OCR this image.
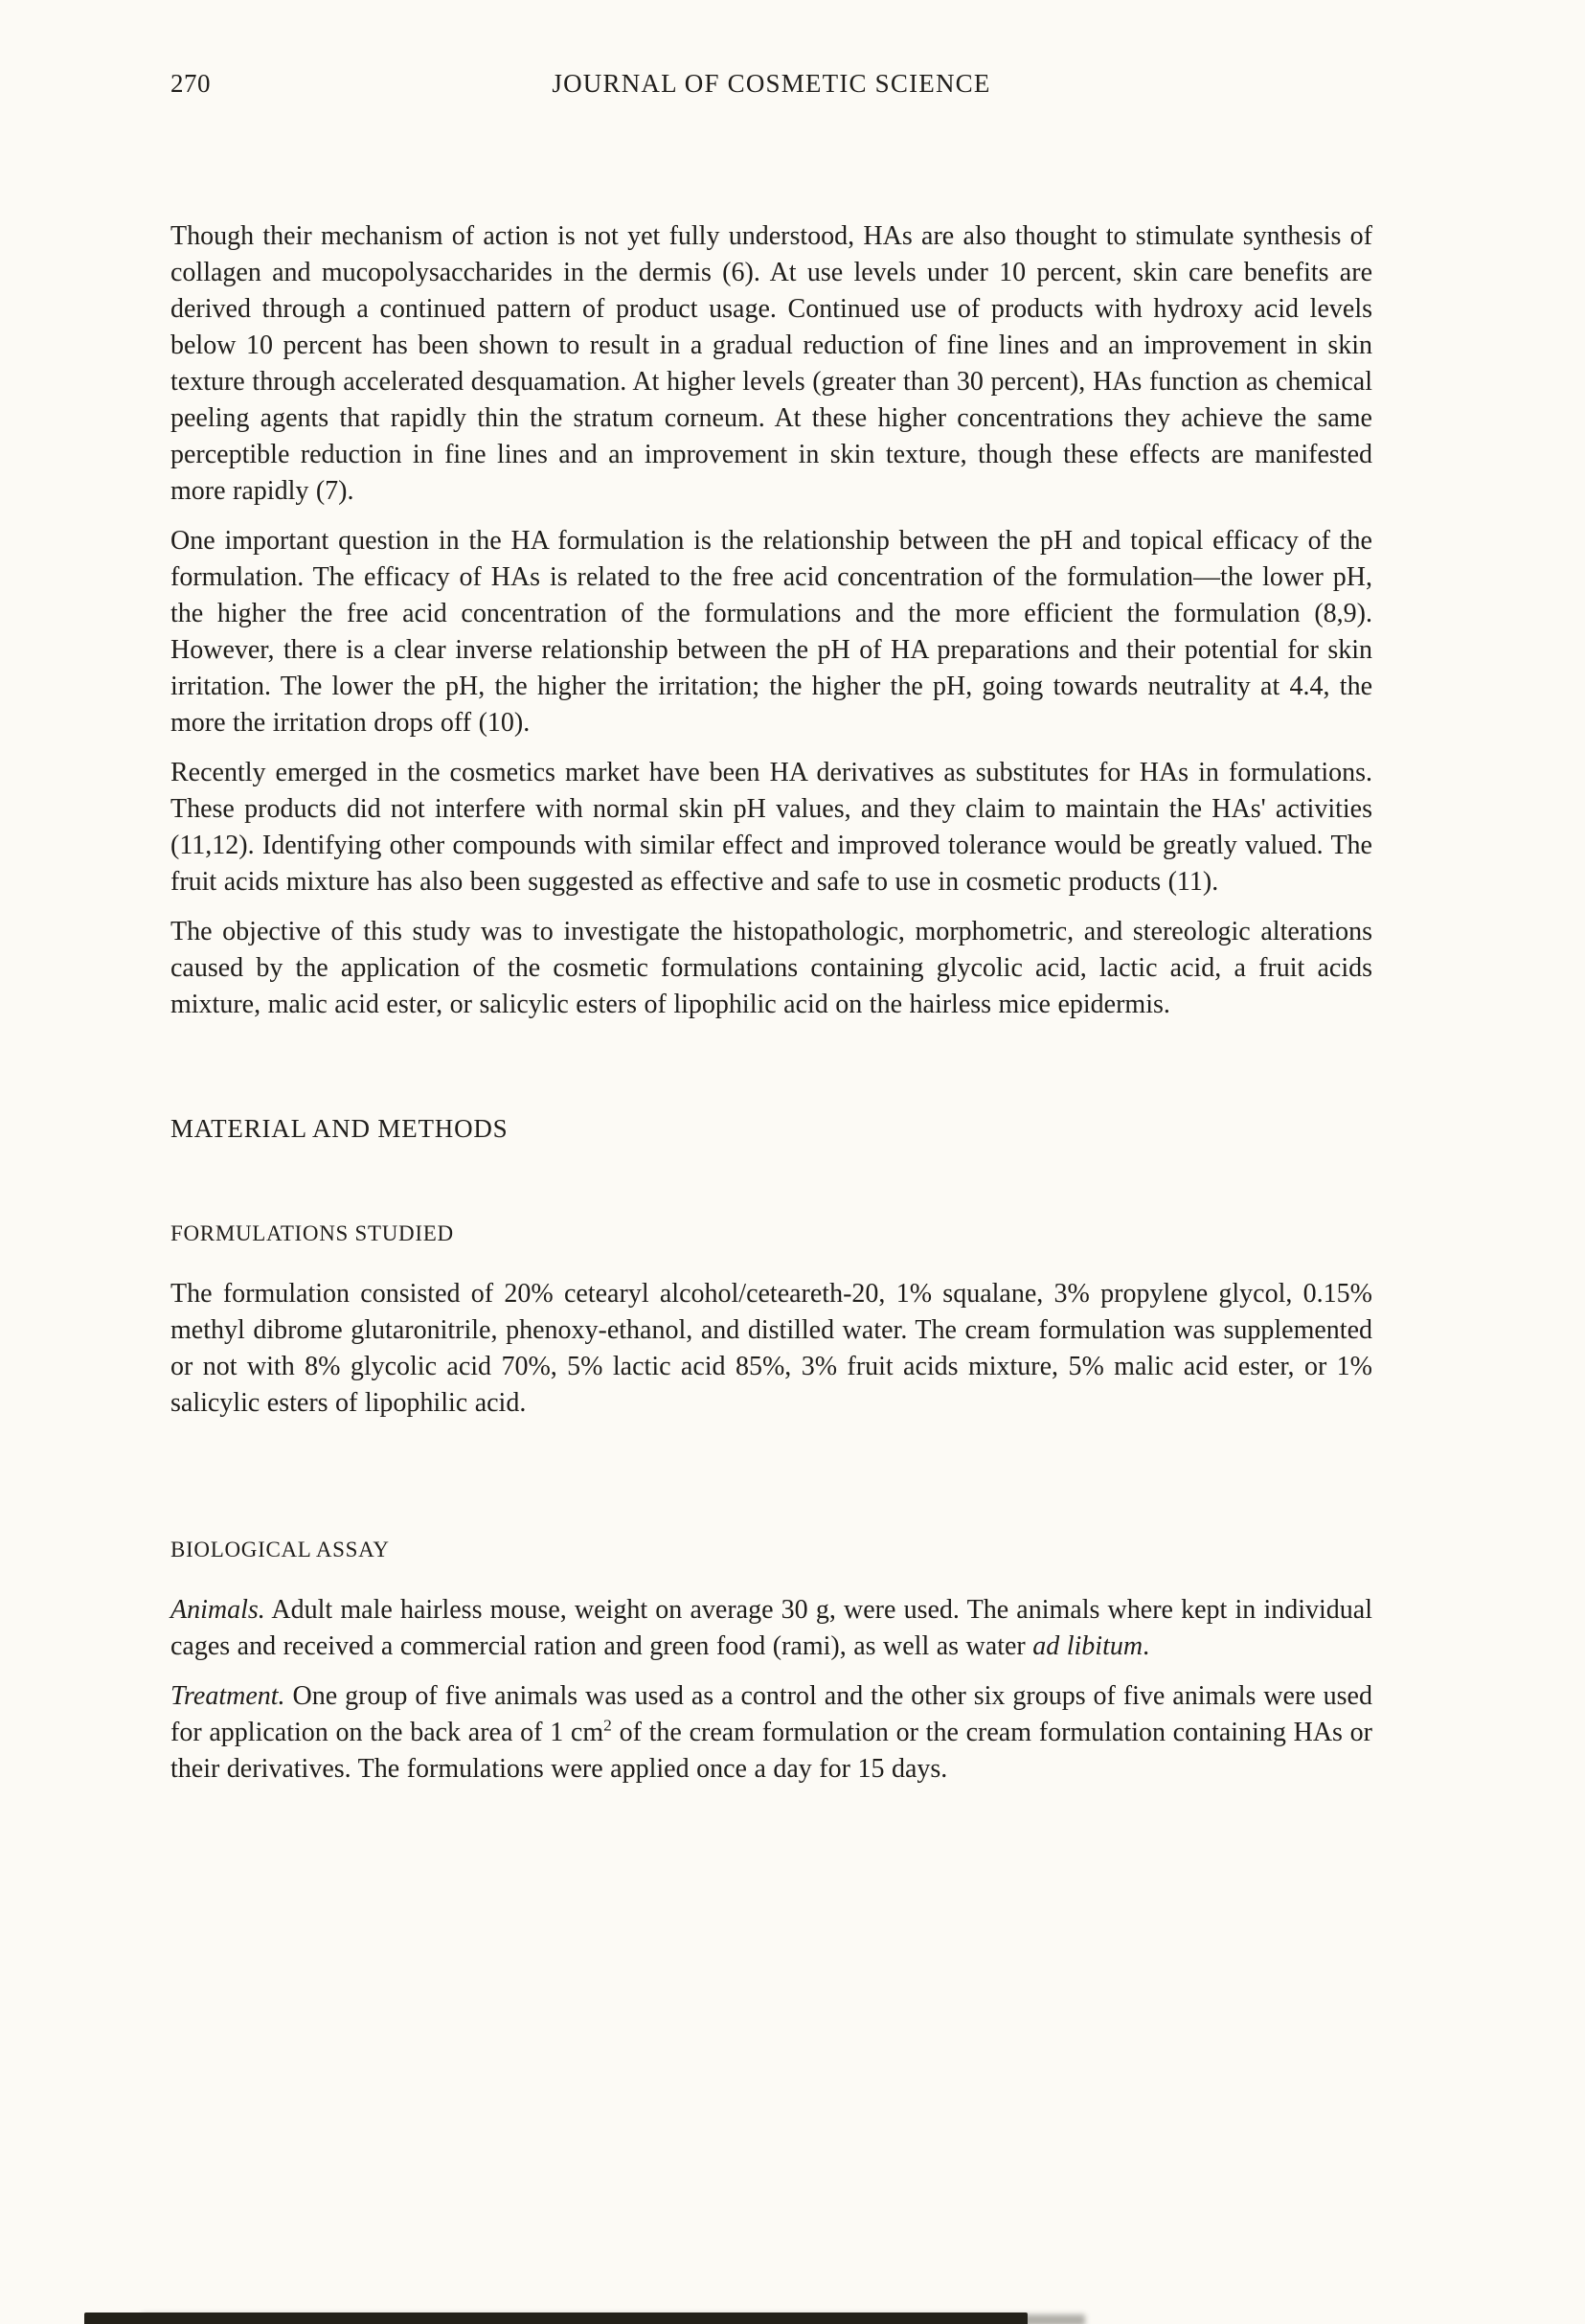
270	JOURNAL OF COSMETIC SCIENCE

Though their mechanism of action is not yet fully understood, HAs are also thought to stimulate synthesis of collagen and mucopolysaccharides in the dermis (6). At use levels under 10 percent, skin care benefits are derived through a continued pattern of product usage. Continued use of products with hydroxy acid levels below 10 percent has been shown to result in a gradual reduction of fine lines and an improvement in skin texture through accelerated desquamation. At higher levels (greater than 30 percent), HAs function as chemical peeling agents that rapidly thin the stratum corneum. At these higher concentrations they achieve the same perceptible reduction in fine lines and an improvement in skin texture, though these effects are manifested more rapidly (7).

One important question in the HA formulation is the relationship between the pH and topical efficacy of the formulation. The efficacy of HAs is related to the free acid concentration of the formulation—the lower pH, the higher the free acid concentration of the formulations and the more efficient the formulation (8,9). However, there is a clear inverse relationship between the pH of HA preparations and their potential for skin irritation. The lower the pH, the higher the irritation; the higher the pH, going towards neutrality at 4.4, the more the irritation drops off (10).

Recently emerged in the cosmetics market have been HA derivatives as substitutes for HAs in formulations. These products did not interfere with normal skin pH values, and they claim to maintain the HAs' activities (11,12). Identifying other compounds with similar effect and improved tolerance would be greatly valued. The fruit acids mixture has also been suggested as effective and safe to use in cosmetic products (11).

The objective of this study was to investigate the histopathologic, morphometric, and stereologic alterations caused by the application of the cosmetic formulations containing glycolic acid, lactic acid, a fruit acids mixture, malic acid ester, or salicylic esters of lipophilic acid on the hairless mice epidermis.

MATERIAL AND METHODS
FORMULATIONS STUDIED

The formulation consisted of 20% cetearyl alcohol/ceteareth-20, 1% squalane, 3% propylene glycol, 0.15% methyl dibrome glutaronitrile, phenoxy-ethanol, and distilled water. The cream formulation was supplemented or not with 8% glycolic acid 70%, 5% lactic acid 85%, 3% fruit acids mixture, 5% malic acid ester, or 1% salicylic esters of lipophilic acid.

BIOLOGICAL ASSAY

Animals. Adult male hairless mouse, weight on average 30 g, were used. The animals where kept in individual cages and received a commercial ration and green food (rami), as well as water ad libitum.

Treatment. One group of five animals was used as a control and the other six groups of five animals were used for application on the back area of 1 $cm^2$ of the cream formulation or the cream formulation containing HAs or their derivatives. The formulations were applied once a day for 15 days.
